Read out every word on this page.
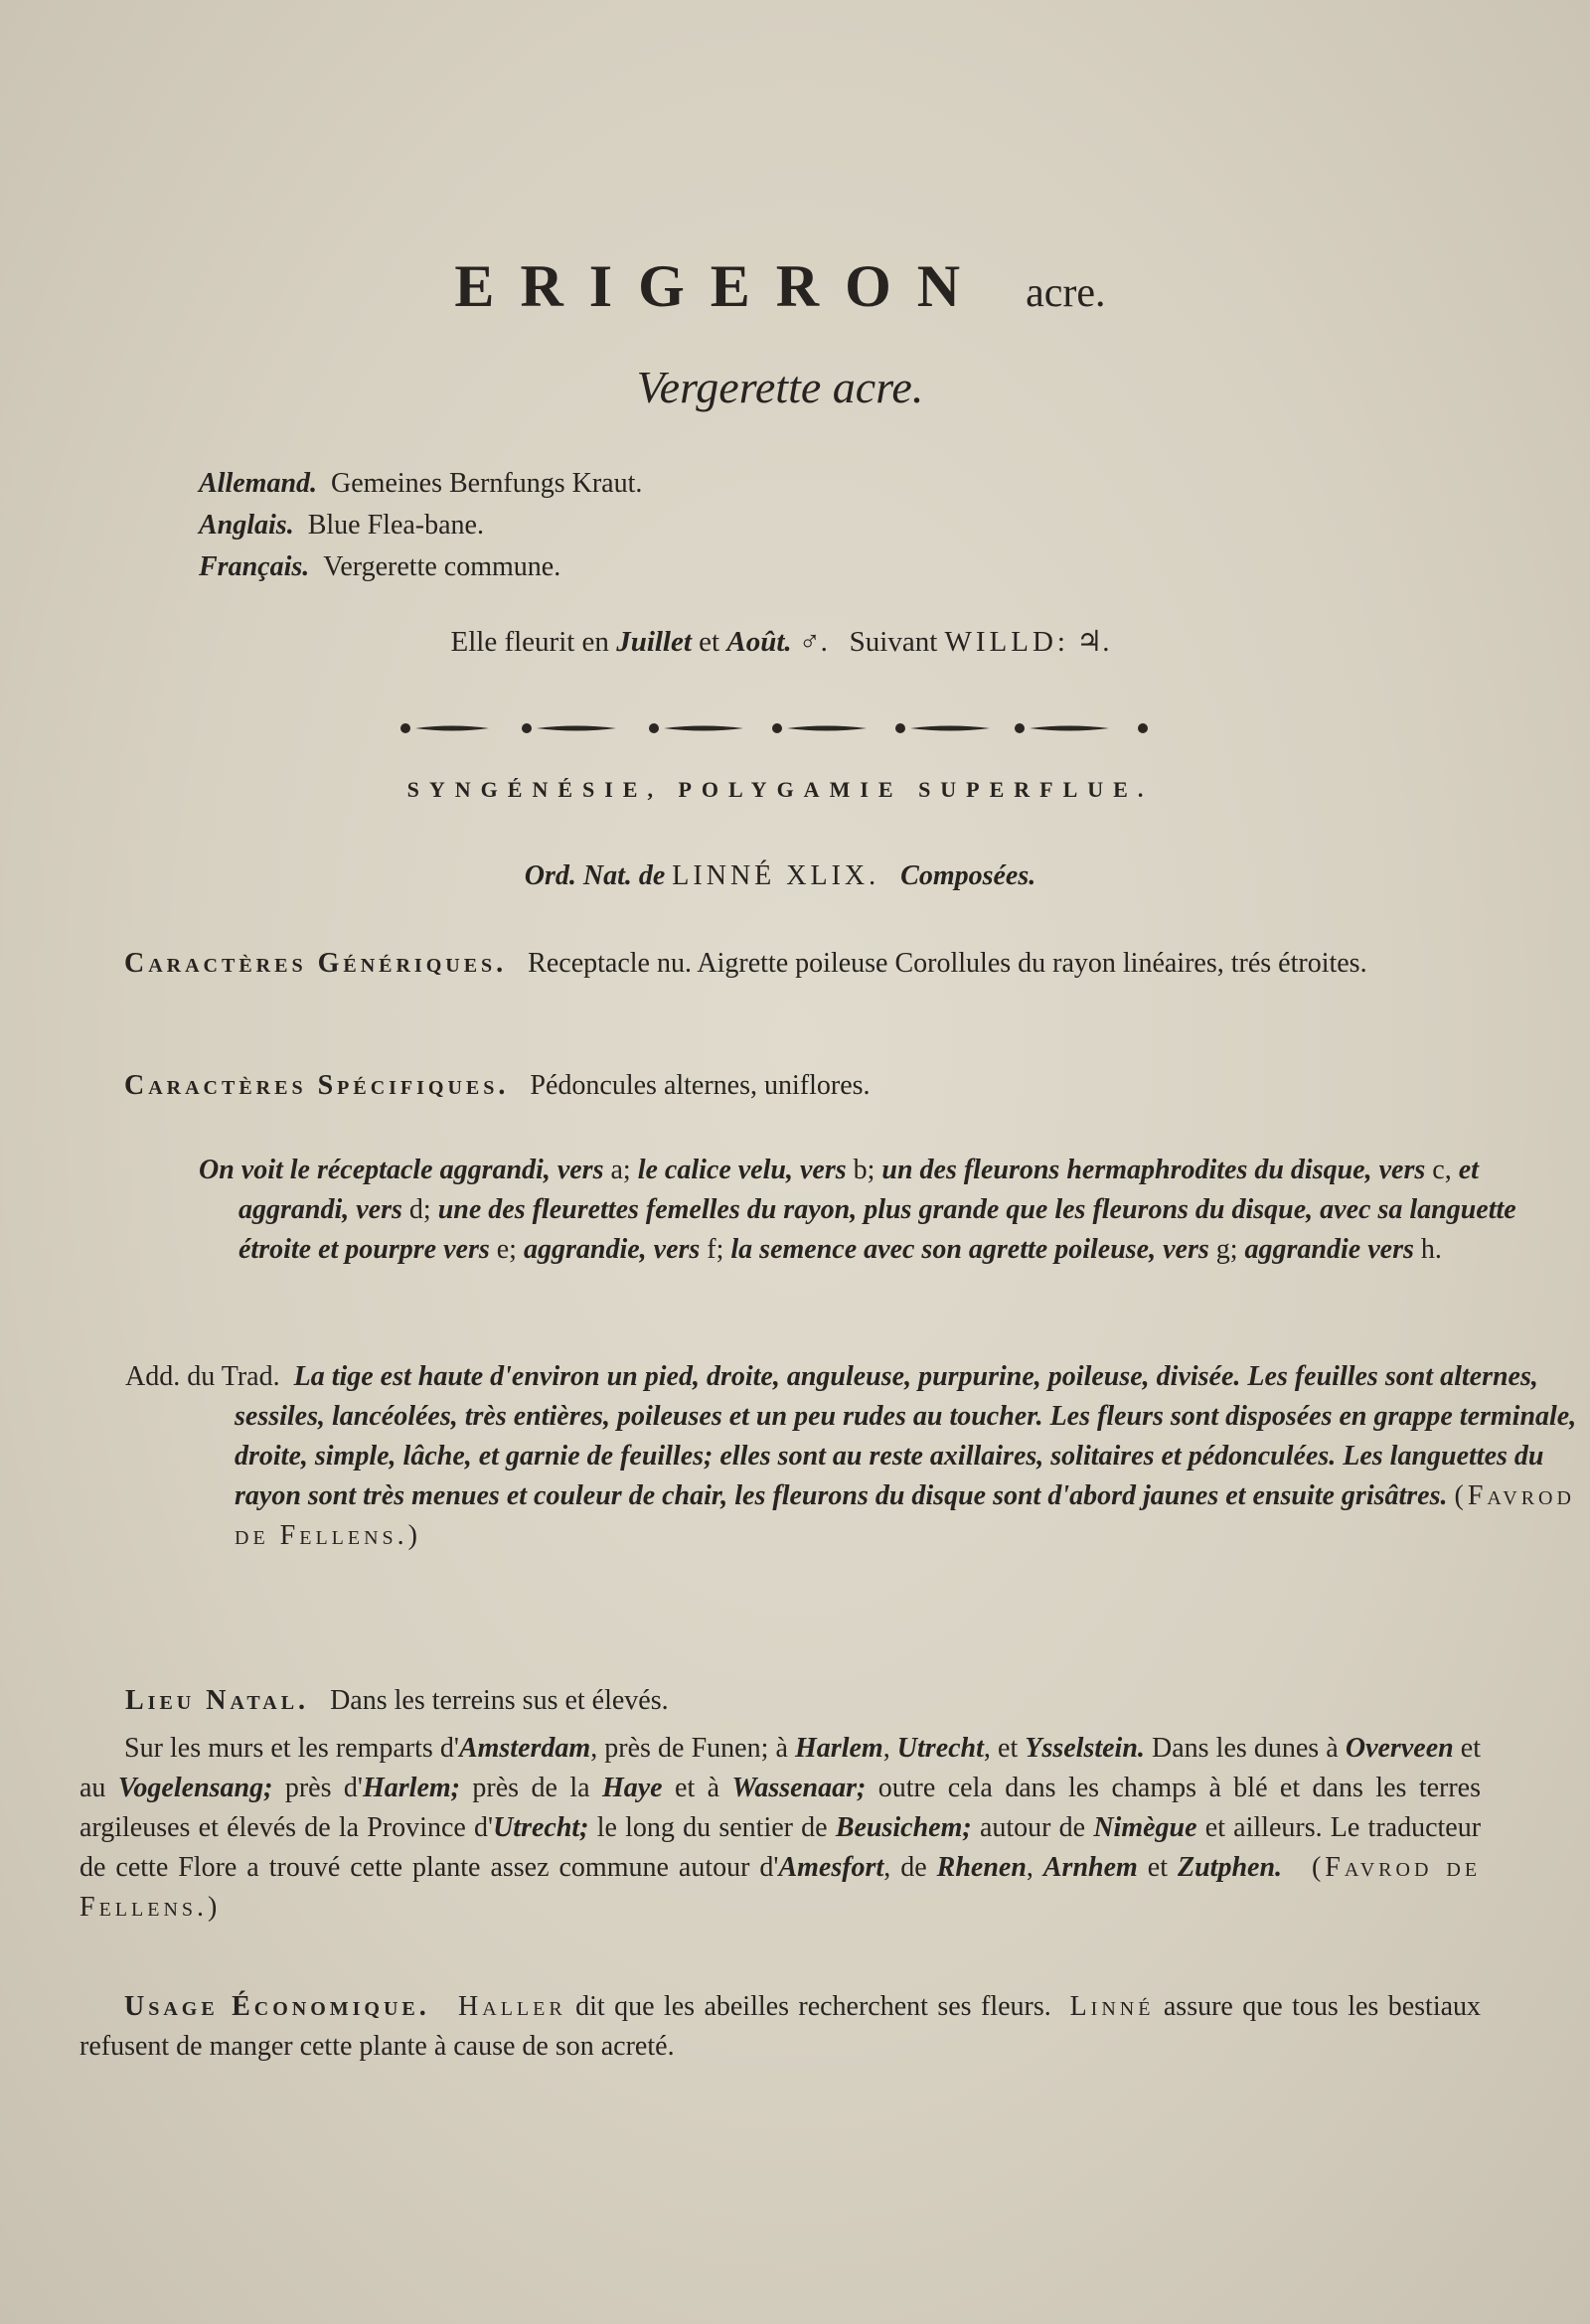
ERIGERON acre.
Vergerette acre.
Allemand. Gemeines Bernfungs Kraut.
Anglais. Blue Flea-bane.
Français. Vergerette commune.
Elle fleurit en Juillet et Août. ♂. Suivant WILLD: ♃.
SYNGÉNÉSIE, POLYGAMIE SUPERFLUE.
Ord. Nat. de LINNÉ XLIX. Composées.
Caractères Génériques. Receptacle nu. Aigrette poileuse Corollules du rayon linéaires, trés étroites.
Caractères Spécifiques. Pédoncules alternes, uniflores.
On voit le réceptacle aggrandi, vers a; le calice velu, vers b; un des fleurons hermaphrodites du disque, vers c, et aggrandi, vers d; une des fleurettes femelles du rayon, plus grande que les fleurons du disque, avec sa languette étroite et pourpre vers e; aggrandie, vers f; la semence avec son agrette poileuse, vers g; aggrandie vers h.
Add. du Trad. La tige est haute d'environ un pied, droite, anguleuse, purpurine, poileuse, divisée. Les feuilles sont alternes, sessiles, lancéolées, très entières, poileuses et un peu rudes au toucher. Les fleurs sont disposées en grappe terminale, droite, simple, lâche, et garnie de feuilles; elles sont au reste axillaires, solitaires et pédonculées. Les languettes du rayon sont très menues et couleur de chair, les fleurons du disque sont d'abord jaunes et ensuite grisâtres. (Favrod de Fellens.)
Lieu Natal. Dans les terreins sus et élevés.
Sur les murs et les remparts d'Amsterdam, près de Funen; à Harlem, Utrecht, et Ysselstein. Dans les dunes à Overveen et au Vogelensang; près d'Harlem; près de la Haye et à Wassenaar; outre cela dans les champs à blé et dans les terres argileuses et élevés de la Province d'Utrecht; le long du sentier de Beusichem; autour de Nimègue et ailleurs. Le traducteur de cette Flore a trouvé cette plante assez commune autour d'Amesfort, de Rhenen, Arnhem et Zutphen. (Favrod de Fellens.)
Usage Économique. Haller dit que les abeilles recherchent ses fleurs. Linné assure que tous les bestiaux refusent de manger cette plante à cause de son acreté.
